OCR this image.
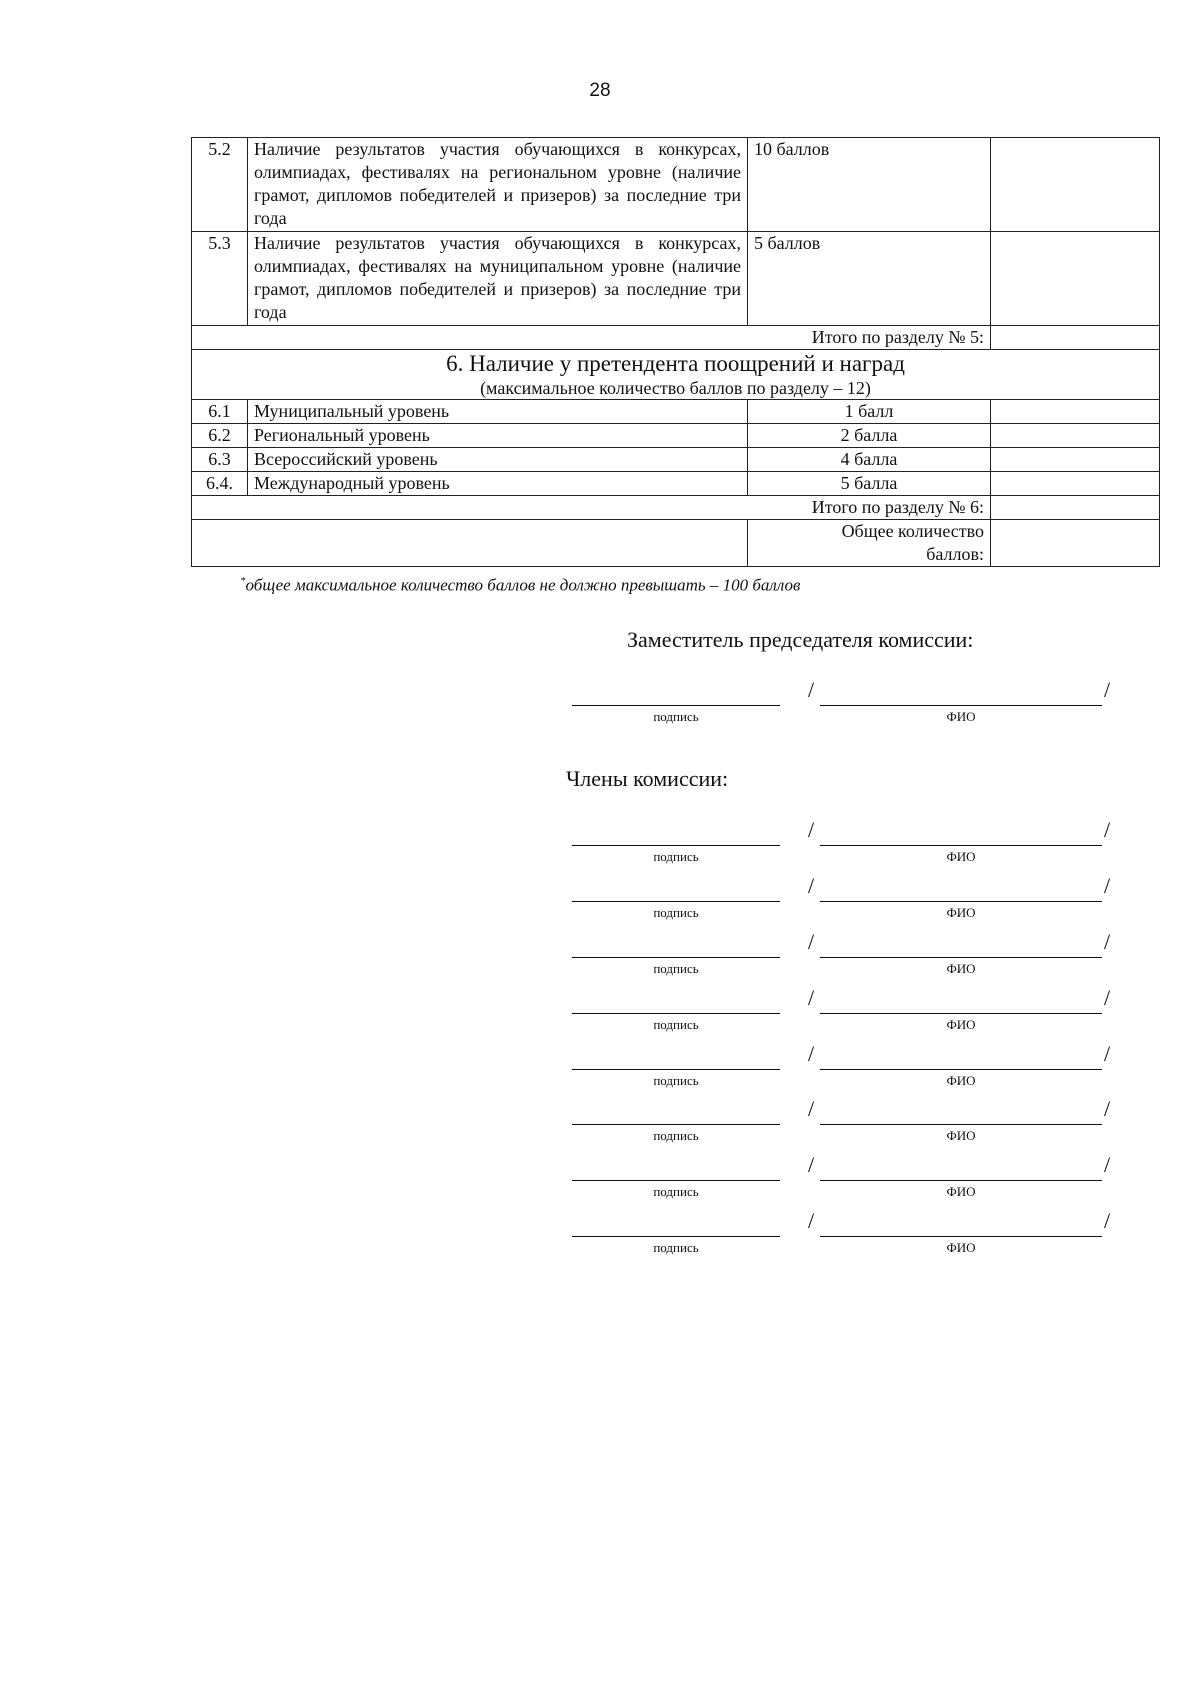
28
5.2	Наличие результатов участия обучающихся в конкурсах, олимпиадах, фестивалях на региональном уровне (наличие грамот, дипломов победителей и призеров) за последние три года	10 баллов	
5.3	Наличие результатов участия обучающихся в конкурсах, олимпиадах, фестивалях на муниципальном уровне (наличие грамот, дипломов победителей и призеров) за последние три года	5 баллов	
Итого по разделу № 5:			

6. Наличие у претендента поощрений и наград
(максимальное количество баллов по разделу – 12)			

6.1	Муниципальный уровень	1 балл	
6.2	Региональный уровень	2 балла	
6.3	Всероссийский уровень	4 балла	
6.4.	Международный уровень	5 балла	
Итого по разделу № 6:			
		Общее количество баллов:	
*общее максимальное количество баллов не должно превышать – 100 баллов
Заместитель председателя комиссии:
/	/
подпись	ФИО
Члены комиссии:
/	/
подпись	ФИО
/	/
подпись	ФИО
/	/
подпись	ФИО
/	/
подпись	ФИО
/	/
подпись	ФИО
/	/
подпись	ФИО
/	/
подпись	ФИО
/	/
подпись	ФИО
